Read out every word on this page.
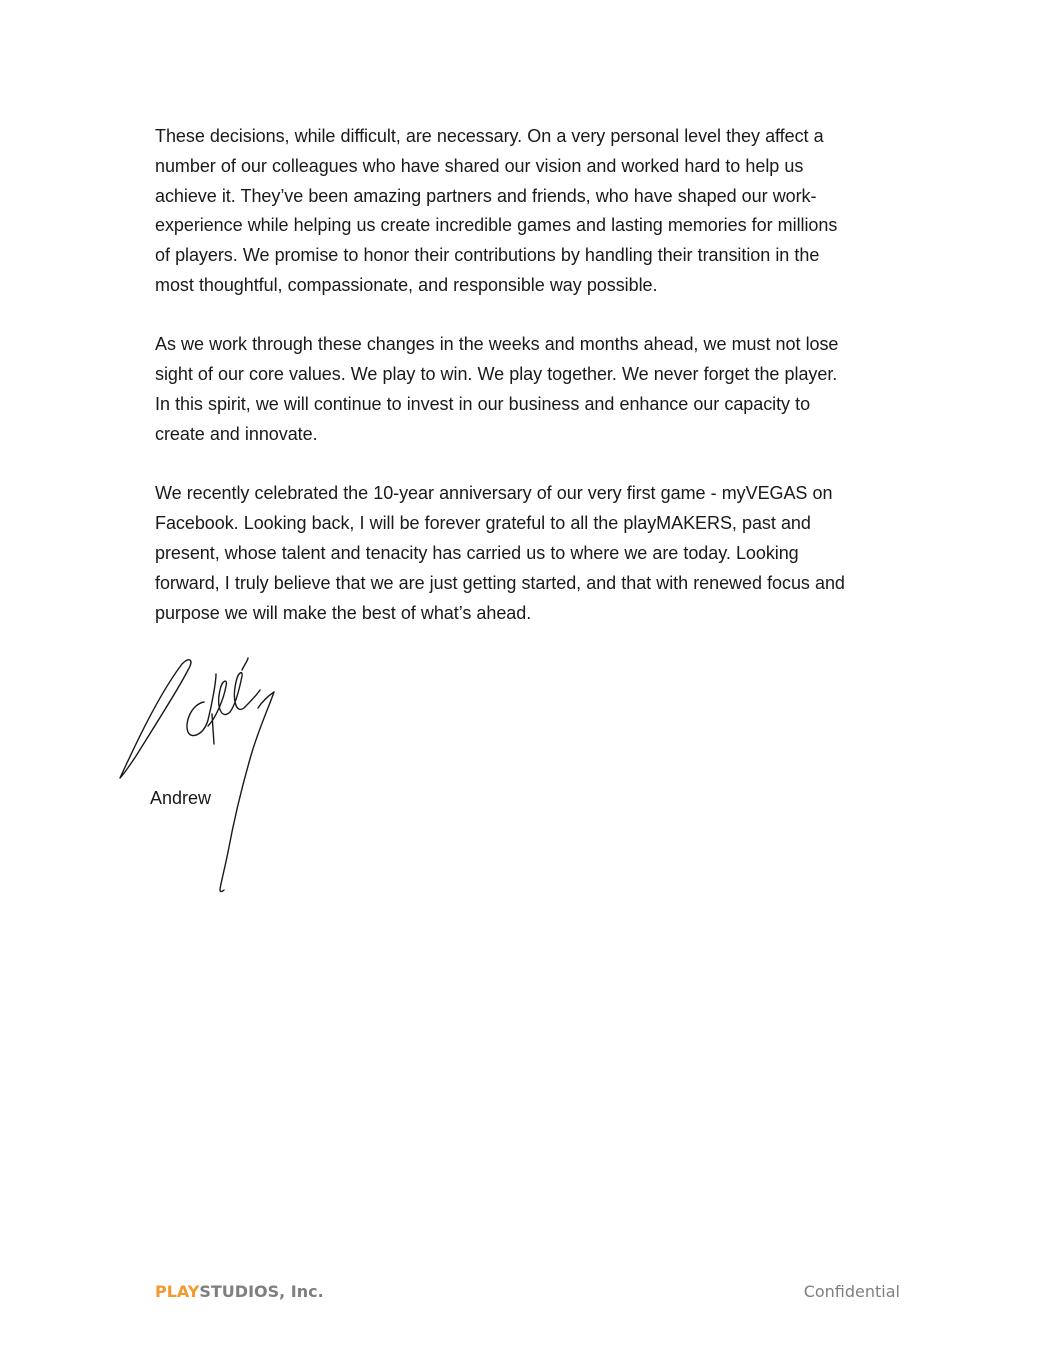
These decisions, while difficult, are necessary. On a very personal level they affect a
number of our colleagues who have shared our vision and worked hard to help us
achieve it. They’ve been amazing partners and friends, who have shaped our work-
experience while helping us create incredible games and lasting memories for millions
of players. We promise to honor their contributions by handling their transition in the
most thoughtful, compassionate, and responsible way possible.

As we work through these changes in the weeks and months ahead, we must not lose
sight of our core values. We play to win. We play together. We never forget the player.
In this spirit, we will continue to invest in our business and enhance our capacity to
create and innovate.

We recently celebrated the 10-year anniversary of our very first game - myVEGAS on
Facebook. Looking back, I will be forever grateful to all the playMAKERS, past and
present, whose talent and tenacity has carried us to where we are today. Looking
forward, I truly believe that we are just getting started, and that with renewed focus and
purpose we will make the best of what’s ahead.

Andrew
PLAYSTUDIOS, Inc.	Confidential
